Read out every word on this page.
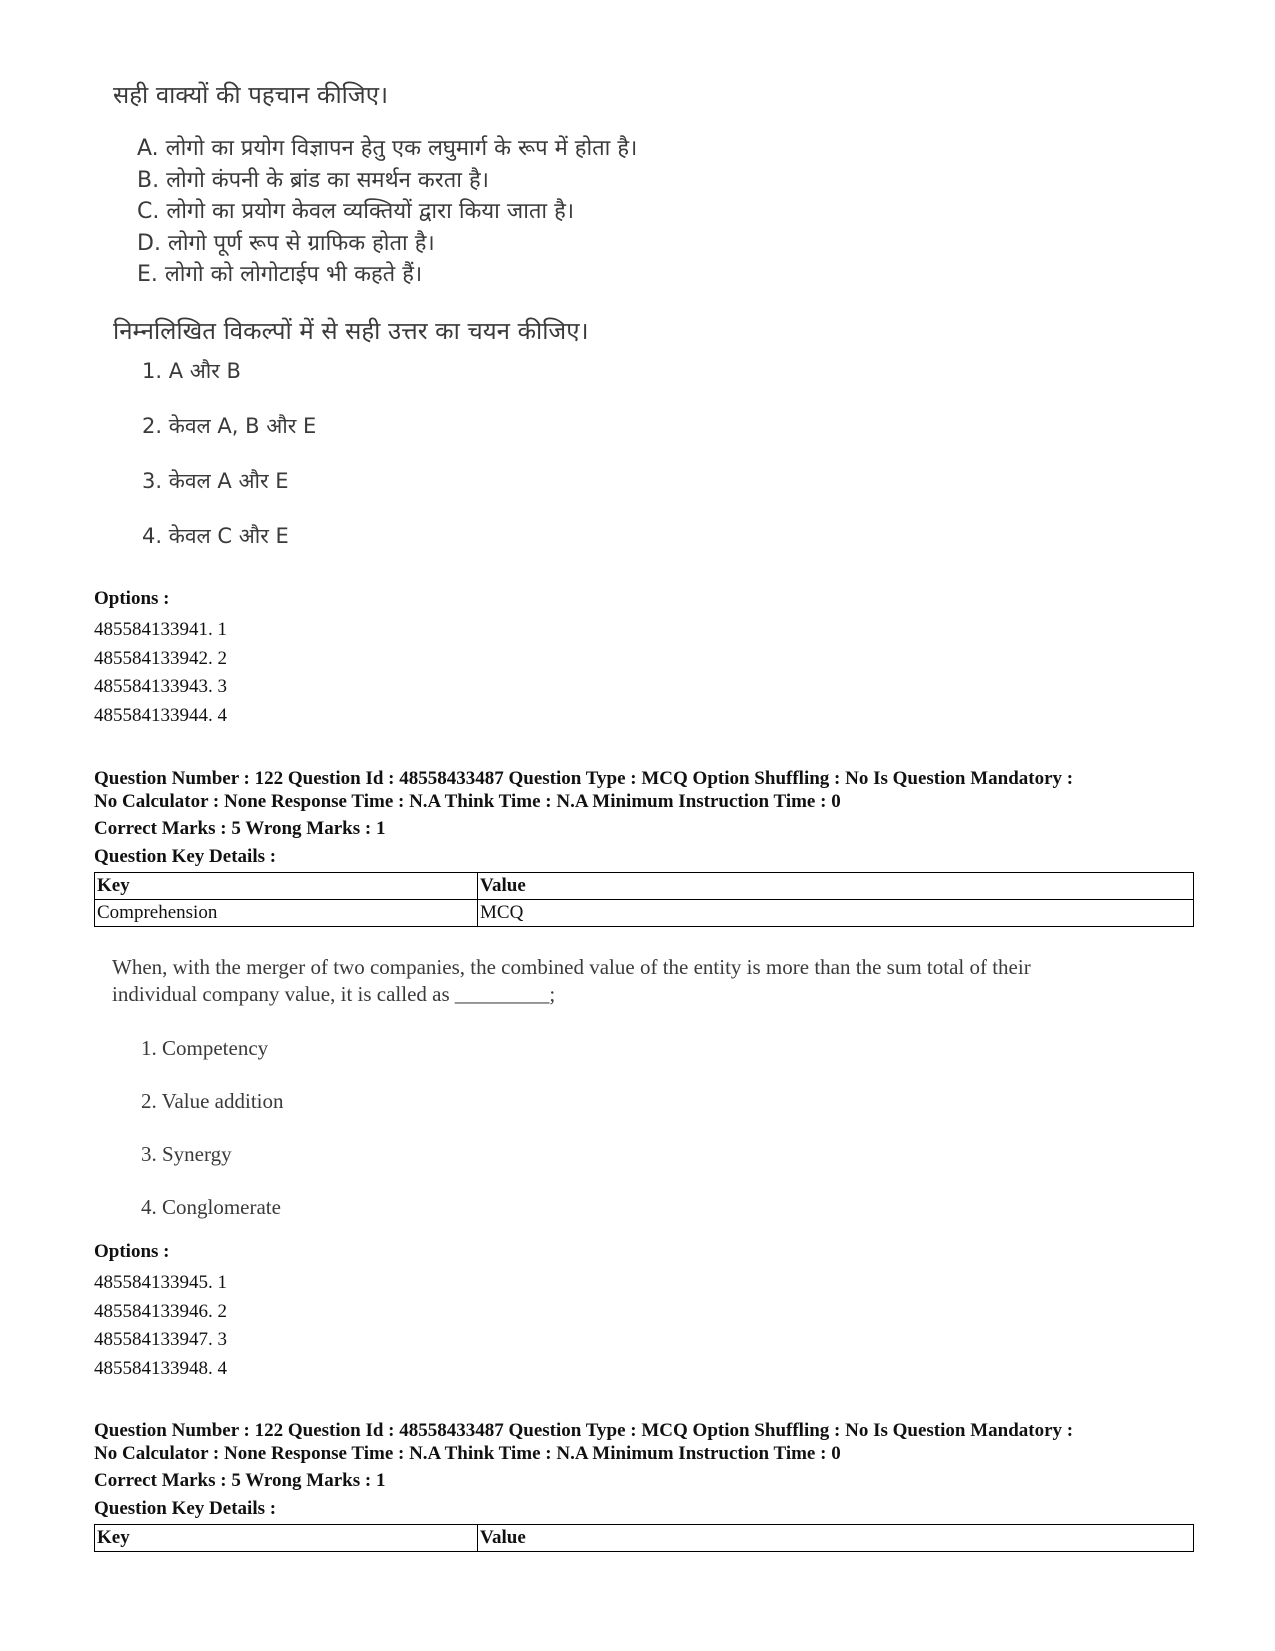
सही वाक्यों की पहचान कीजिए।
A. लोगो का प्रयोग विज्ञापन हेतु एक लघुमार्ग के रूप में होता है।
B. लोगो कंपनी के ब्रांड का समर्थन करता है।
C. लोगो का प्रयोग केवल व्यक्तियों द्वारा किया जाता है।
D. लोगो पूर्ण रूप से ग्राफिक होता है।
E. लोगो को लोगोटाईप भी कहते हैं।
निम्नलिखित विकल्पों में से सही उत्तर का चयन कीजिए।
1. A और B
2. केवल A, B और E
3. केवल A और E
4. केवल C और E
Options :
485584133941. 1
485584133942. 2
485584133943. 3
485584133944. 4
Question Number : 122 Question Id : 48558433487 Question Type : MCQ Option Shuffling : No Is Question Mandatory :
No Calculator : None Response Time : N.A Think Time : N.A Minimum Instruction Time : 0
Correct Marks : 5 Wrong Marks : 1
Question Key Details :
Key	Value
Comprehension	MCQ
When, with the merger of two companies, the combined value of the entity is more than the sum total of their
individual company value, it is called as _________;
1. Competency
2. Value addition
3. Synergy
4. Conglomerate
Options :
485584133945. 1
485584133946. 2
485584133947. 3
485584133948. 4
Question Number : 122 Question Id : 48558433487 Question Type : MCQ Option Shuffling : No Is Question Mandatory :
No Calculator : None Response Time : N.A Think Time : N.A Minimum Instruction Time : 0
Correct Marks : 5 Wrong Marks : 1
Question Key Details :
Key	Value
